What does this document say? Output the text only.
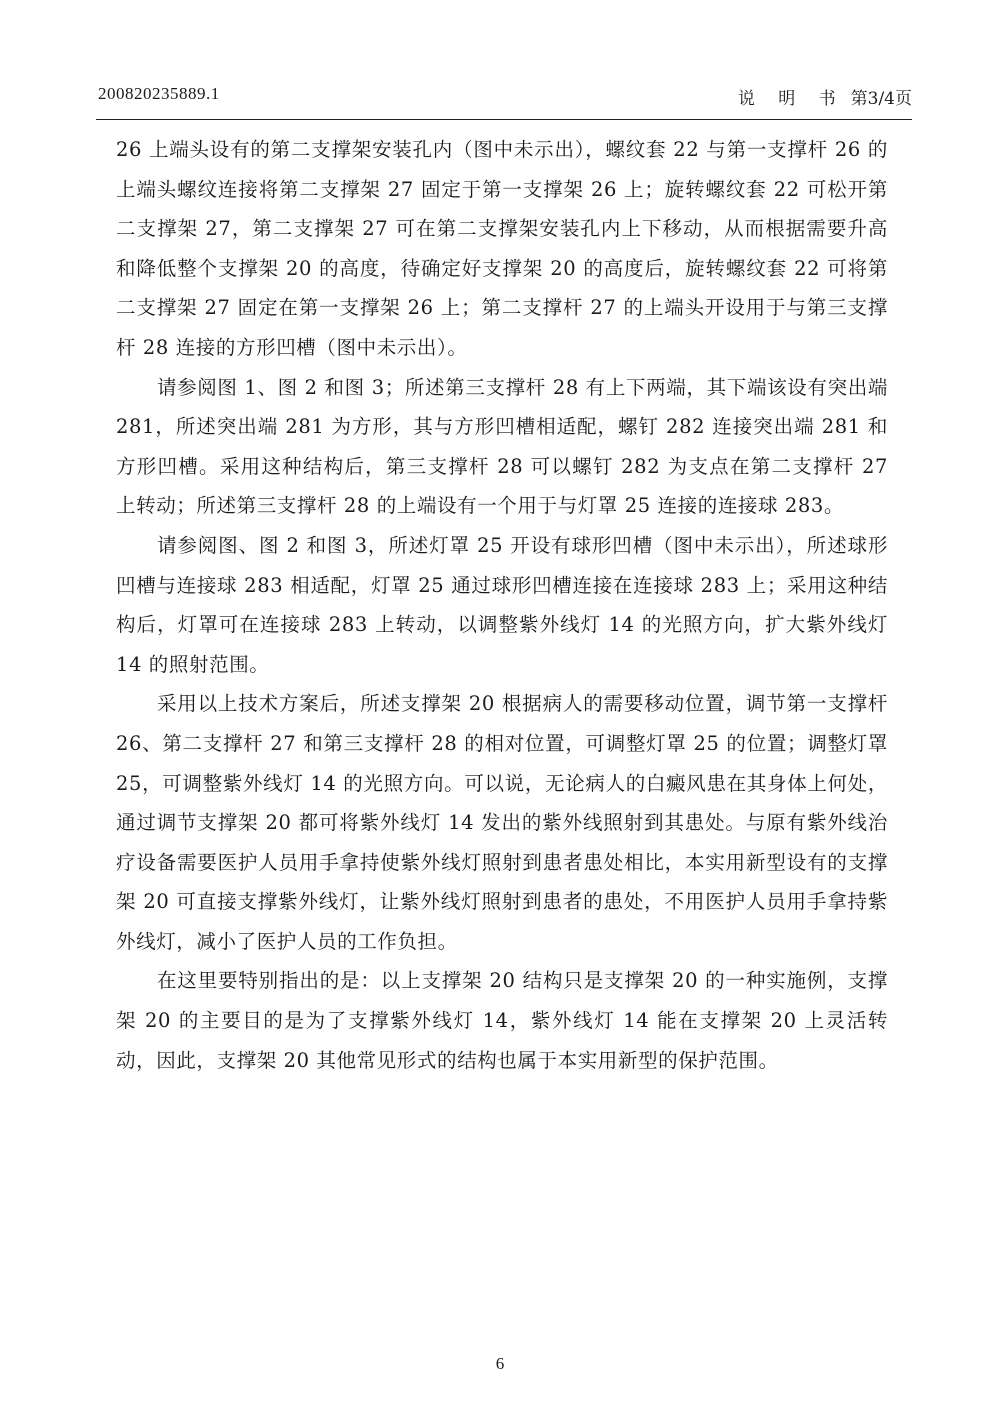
200820235889.1	说 明 书 第3/4页

26 上端头设有的第二支撑架安装孔内（图中未示出），螺纹套 22 与第一支撑杆 26 的上端头螺纹连接将第二支撑架 27 固定于第一支撑架 26 上；旋转螺纹套 22 可松开第二支撑架 27，第二支撑架 27 可在第二支撑架安装孔内上下移动，从而根据需要升高和降低整个支撑架 20 的高度，待确定好支撑架 20 的高度后，旋转螺纹套 22 可将第二支撑架 27 固定在第一支撑架 26 上；第二支撑杆 27 的上端头开设用于与第三支撑杆 28 连接的方形凹槽（图中未示出）。

请参阅图 1、图 2 和图 3；所述第三支撑杆 28 有上下两端，其下端该设有突出端 281，所述突出端 281 为方形，其与方形凹槽相适配，螺钉 282 连接突出端 281 和方形凹槽。采用这种结构后，第三支撑杆 28 可以螺钉 282 为支点在第二支撑杆 27 上转动；所述第三支撑杆 28 的上端设有一个用于与灯罩 25 连接的连接球 283。

请参阅图、图 2 和图 3，所述灯罩 25 开设有球形凹槽（图中未示出），所述球形凹槽与连接球 283 相适配，灯罩 25 通过球形凹槽连接在连接球 283 上；采用这种结构后，灯罩可在连接球 283 上转动，以调整紫外线灯 14 的光照方向，扩大紫外线灯 14 的照射范围。

采用以上技术方案后，所述支撑架 20 根据病人的需要移动位置，调节第一支撑杆 26、第二支撑杆 27 和第三支撑杆 28 的相对位置，可调整灯罩 25 的位置；调整灯罩 25，可调整紫外线灯 14 的光照方向。可以说，无论病人的白癜风患在其身体上何处，通过调节支撑架 20 都可将紫外线灯 14 发出的紫外线照射到其患处。与原有紫外线治疗设备需要医护人员用手拿持使紫外线灯照射到患者患处相比，本实用新型设有的支撑架 20 可直接支撑紫外线灯，让紫外线灯照射到患者的患处，不用医护人员用手拿持紫外线灯，减小了医护人员的工作负担。

在这里要特别指出的是：以上支撑架 20 结构只是支撑架 20 的一种实施例，支撑架 20 的主要目的是为了支撑紫外线灯 14，紫外线灯 14 能在支撑架 20 上灵活转动，因此，支撑架 20 其他常见形式的结构也属于本实用新型的保护范围。

6
